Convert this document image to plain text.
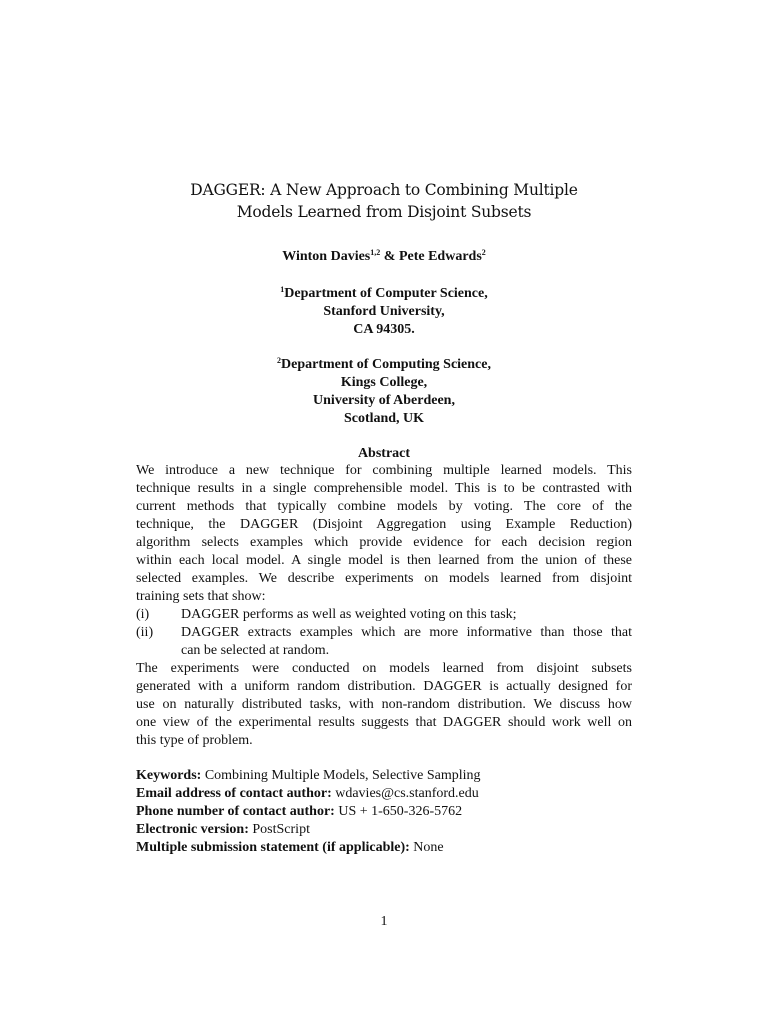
DAGGER: A New Approach to Combining Multiple
Models Learned from Disjoint Subsets
Winton Davies$^{1,2}$ & Pete Edwards$^2$
$^1$Department of Computer Science,
Stanford University,
CA 94305.
$^2$Department of Computing Science,
Kings College,
University of Aberdeen,
Scotland, UK
Abstract
We introduce a new technique for combining multiple learned models. This
technique results in a single comprehensible model. This is to be contrasted with
current methods that typically combine models by voting. The core of the
technique, the DAGGER (Disjoint Aggregation using Example Reduction)
algorithm selects examples which provide evidence for each decision region
within each local model. A single model is then learned from the union of these
selected examples. We describe experiments on models learned from disjoint
training sets that show:
(i)	DAGGER performs as well as weighted voting on this task;
(ii)	DAGGER extracts examples which are more informative than those that
can be selected at random.
The experiments were conducted on models learned from disjoint subsets
generated with a uniform random distribution. DAGGER is actually designed for
use on naturally distributed tasks, with non-random distribution. We discuss how
one view of the experimental results suggests that DAGGER should work well on
this type of problem.
Keywords: Combining Multiple Models, Selective Sampling
Email address of contact author: wdavies@cs.stanford.edu
Phone number of contact author: US + 1-650-326-5762
Electronic version: PostScript
Multiple submission statement (if applicable): None
1
